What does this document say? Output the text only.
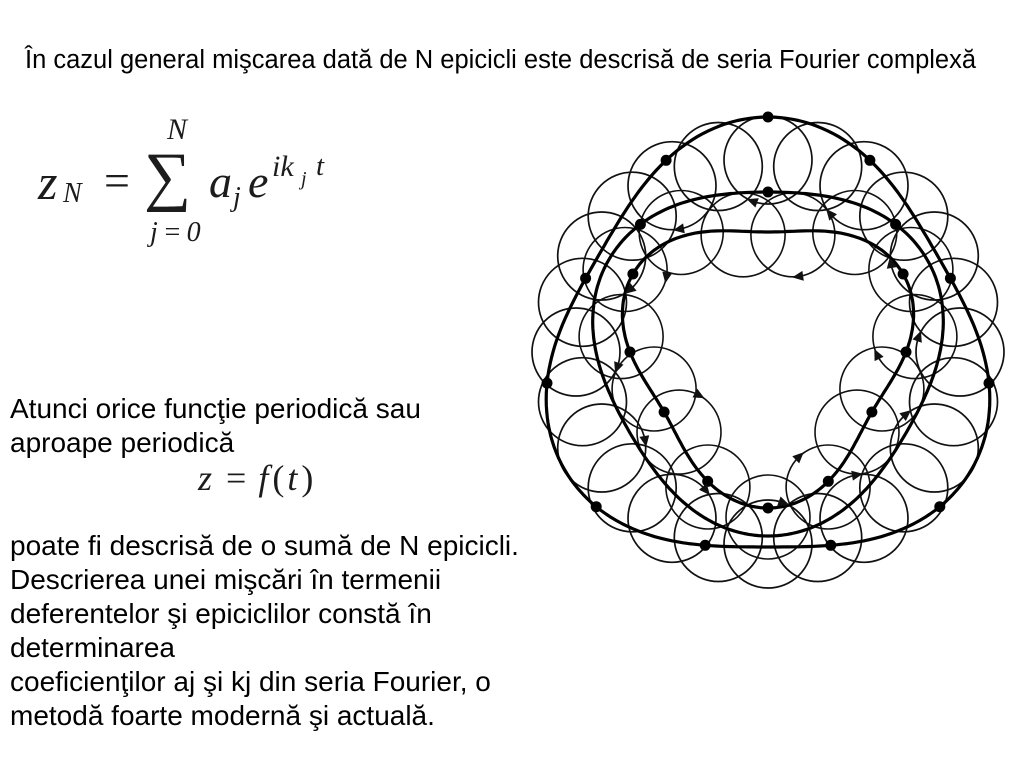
În cazul general mişcarea dată de N epicicli este descrisă de seria Fourier complexă
z N = ∑
N
j=0
a j e ik j t
Atunci orice funcţie periodică sau
aproape periodică
z = f ( t )
poate fi descrisă de o sumă de N epicicli.
Descrierea unei mişcări în termenii
deferentelor şi epiciclilor constă în
determinarea
coeficienţilor aj şi kj din seria Fourier, o
metodă foarte modernă şi actuală.
